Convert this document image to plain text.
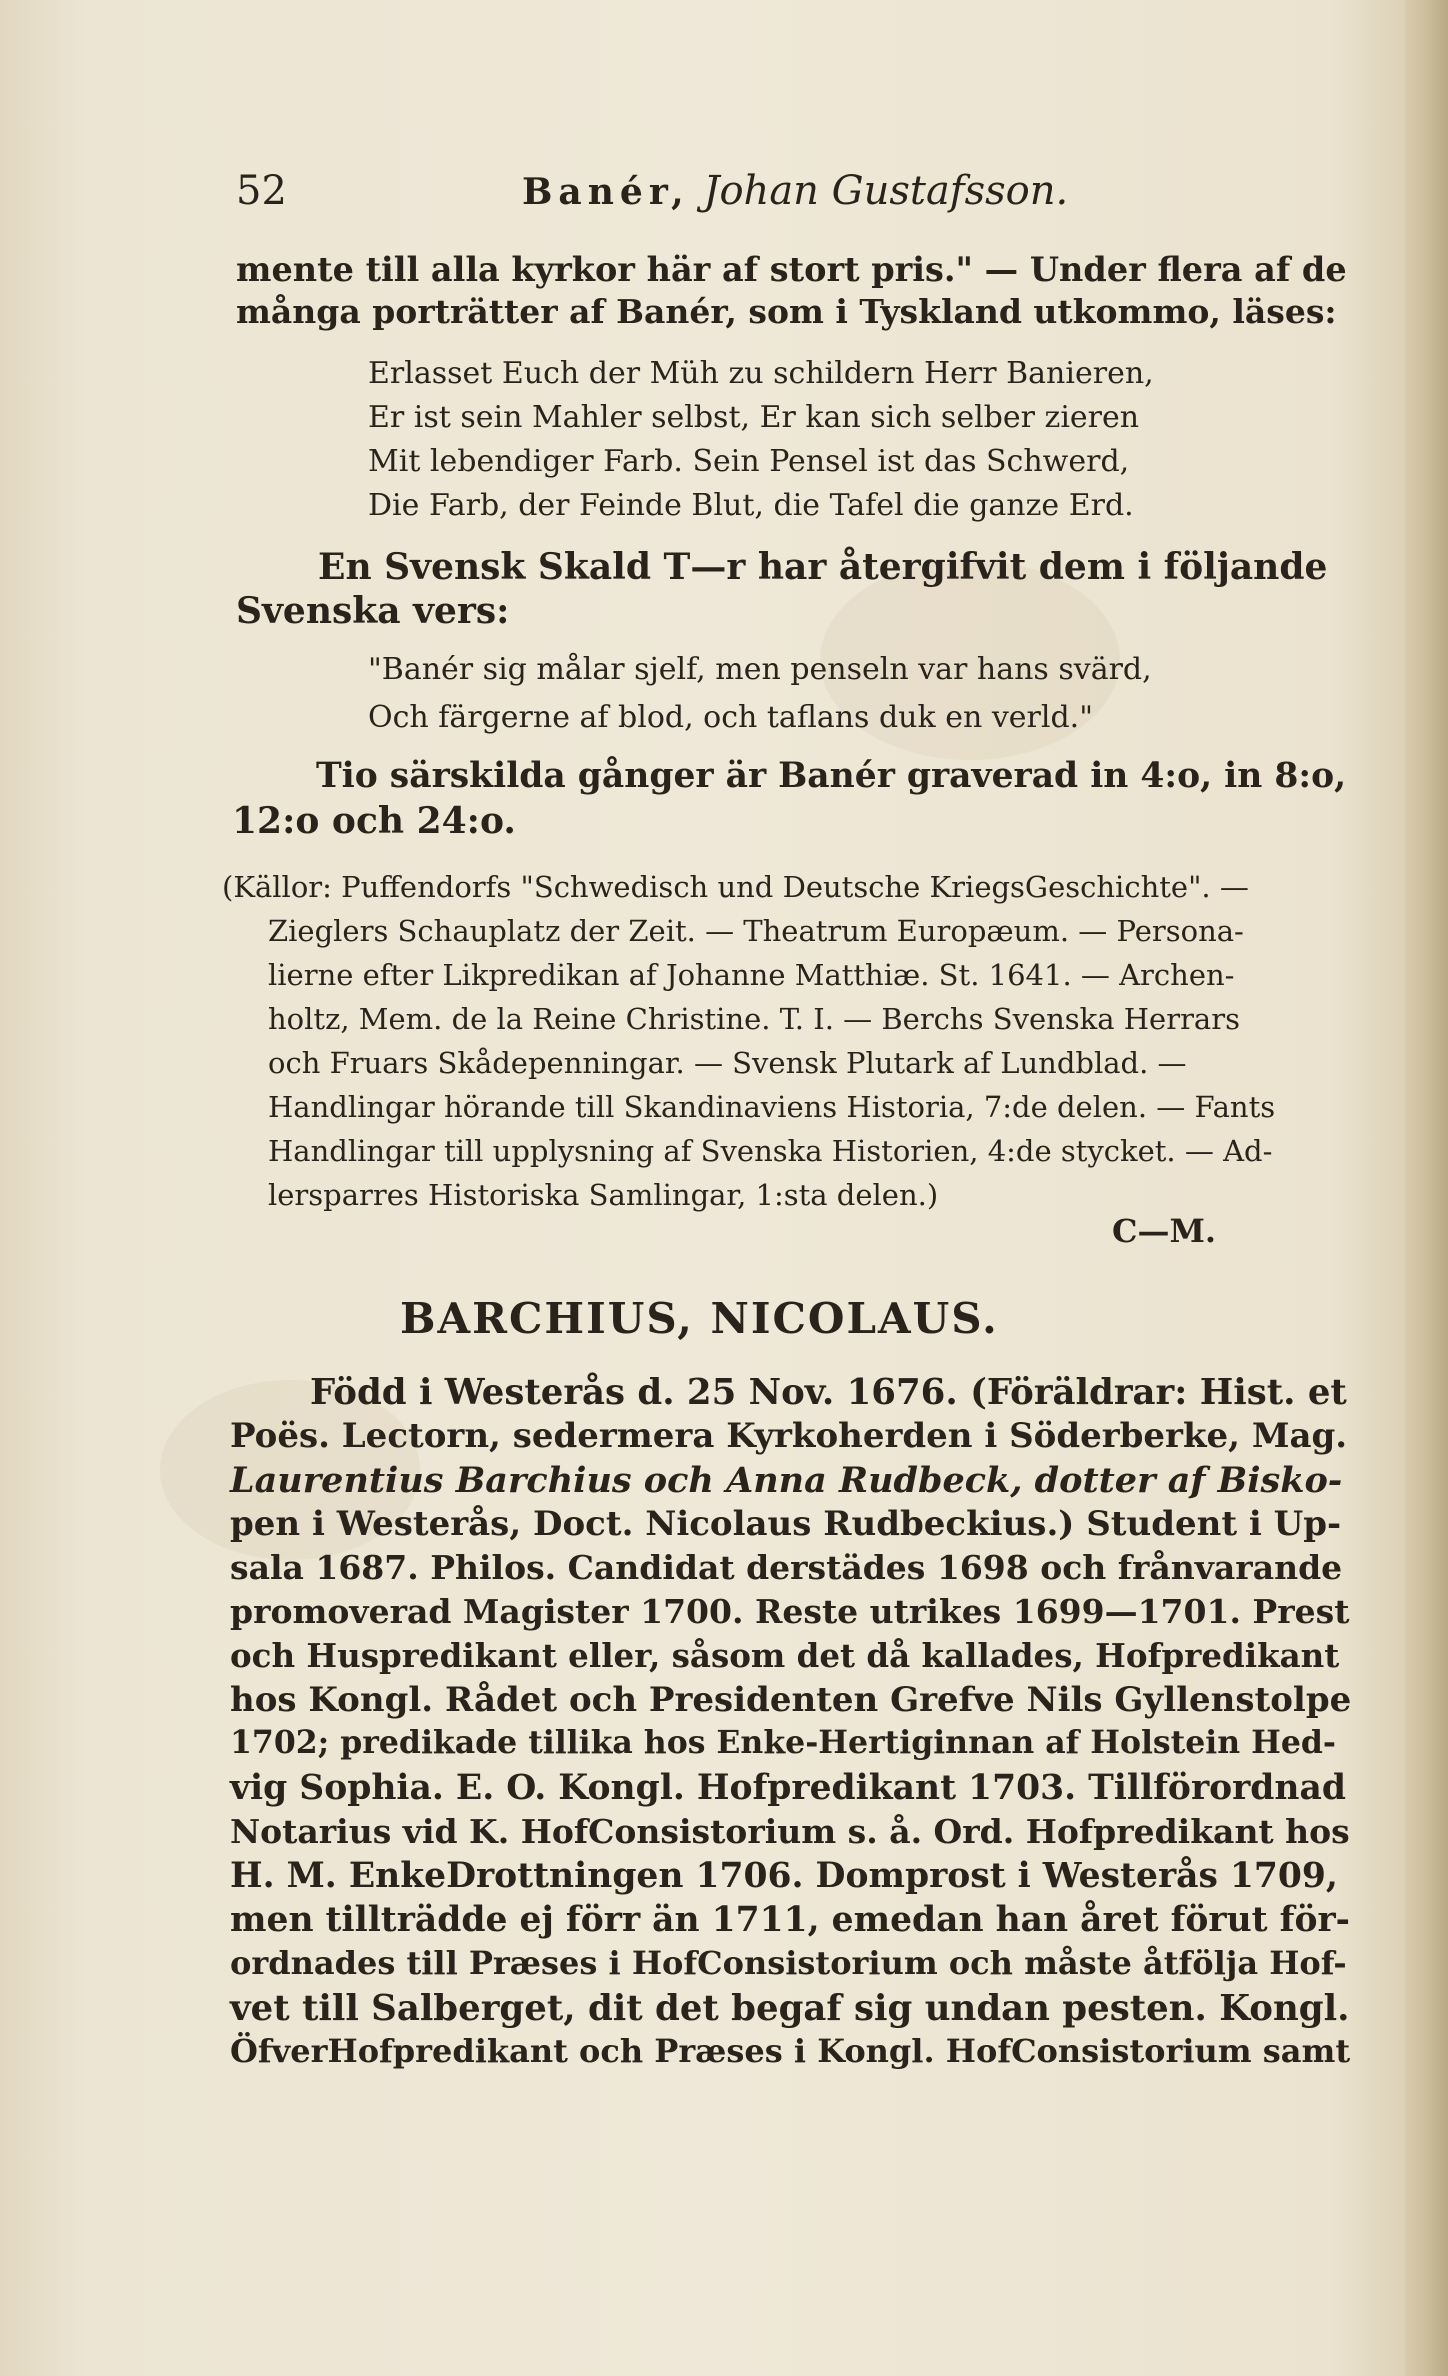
52	Banér, Johan Gustafsson.
mente till alla kyrkor här af stort pris." — Under flera af de
många porträtter af Banér, som i Tyskland utkommo, läses:
Erlasset Euch der Müh zu schildern Herr Banieren,
Er ist sein Mahler selbst, Er kan sich selber zieren
Mit lebendiger Farb. Sein Pensel ist das Schwerd,
Die Farb, der Feinde Blut, die Tafel die ganze Erd.
En Svensk Skald T—r har återgifvit dem i följande
Svenska vers:
"Banér sig målar sjelf, men penseln var hans svärd,
Och färgerne af blod, och taflans duk en verld."
Tio särskilda gånger är Banér graverad in 4:o, in 8:o,
12:o och 24:o.
(Källor: Puffendorfs "Schwedisch und Deutsche KriegsGeschichte". —
Zieglers Schauplatz der Zeit. — Theatrum Europæum. — Persona-
lierne efter Likpredikan af Johanne Matthiæ. St. 1641. — Archen-
holtz, Mem. de la Reine Christine. T. I. — Berchs Svenska Herrars
och Fruars Skådepenningar. — Svensk Plutark af Lundblad. —
Handlingar hörande till Skandinaviens Historia, 7:de delen. — Fants
Handlingar till upplysning af Svenska Historien, 4:de stycket. — Ad-
lersparres Historiska Samlingar, 1:sta delen.)
C—M.
BARCHIUS, NICOLAUS.
Född i Westerås d. 25 Nov. 1676. (Föräldrar: Hist. et
Poës. Lectorn, sedermera Kyrkoherden i Söderberke, Mag.
Laurentius Barchius och Anna Rudbeck, dotter af Bisko-
pen i Westerås, Doct. Nicolaus Rudbeckius.) Student i Up-
sala 1687. Philos. Candidat derstädes 1698 och frånvarande
promoverad Magister 1700. Reste utrikes 1699—1701. Prest
och Huspredikant eller, såsom det då kallades, Hofpredikant
hos Kongl. Rådet och Presidenten Grefve Nils Gyllenstolpe
1702; predikade tillika hos Enke-Hertiginnan af Holstein Hed-
vig Sophia. E. O. Kongl. Hofpredikant 1703. Tillförordnad
Notarius vid K. HofConsistorium s. å. Ord. Hofpredikant hos
H. M. EnkeDrottningen 1706. Domprost i Westerås 1709,
men tillträdde ej förr än 1711, emedan han året förut för-
ordnades till Præses i HofConsistorium och måste åtfölja Hof-
vet till Salberget, dit det begaf sig undan pesten. Kongl.
ÖfverHofpredikant och Præses i Kongl. HofConsistorium samt
